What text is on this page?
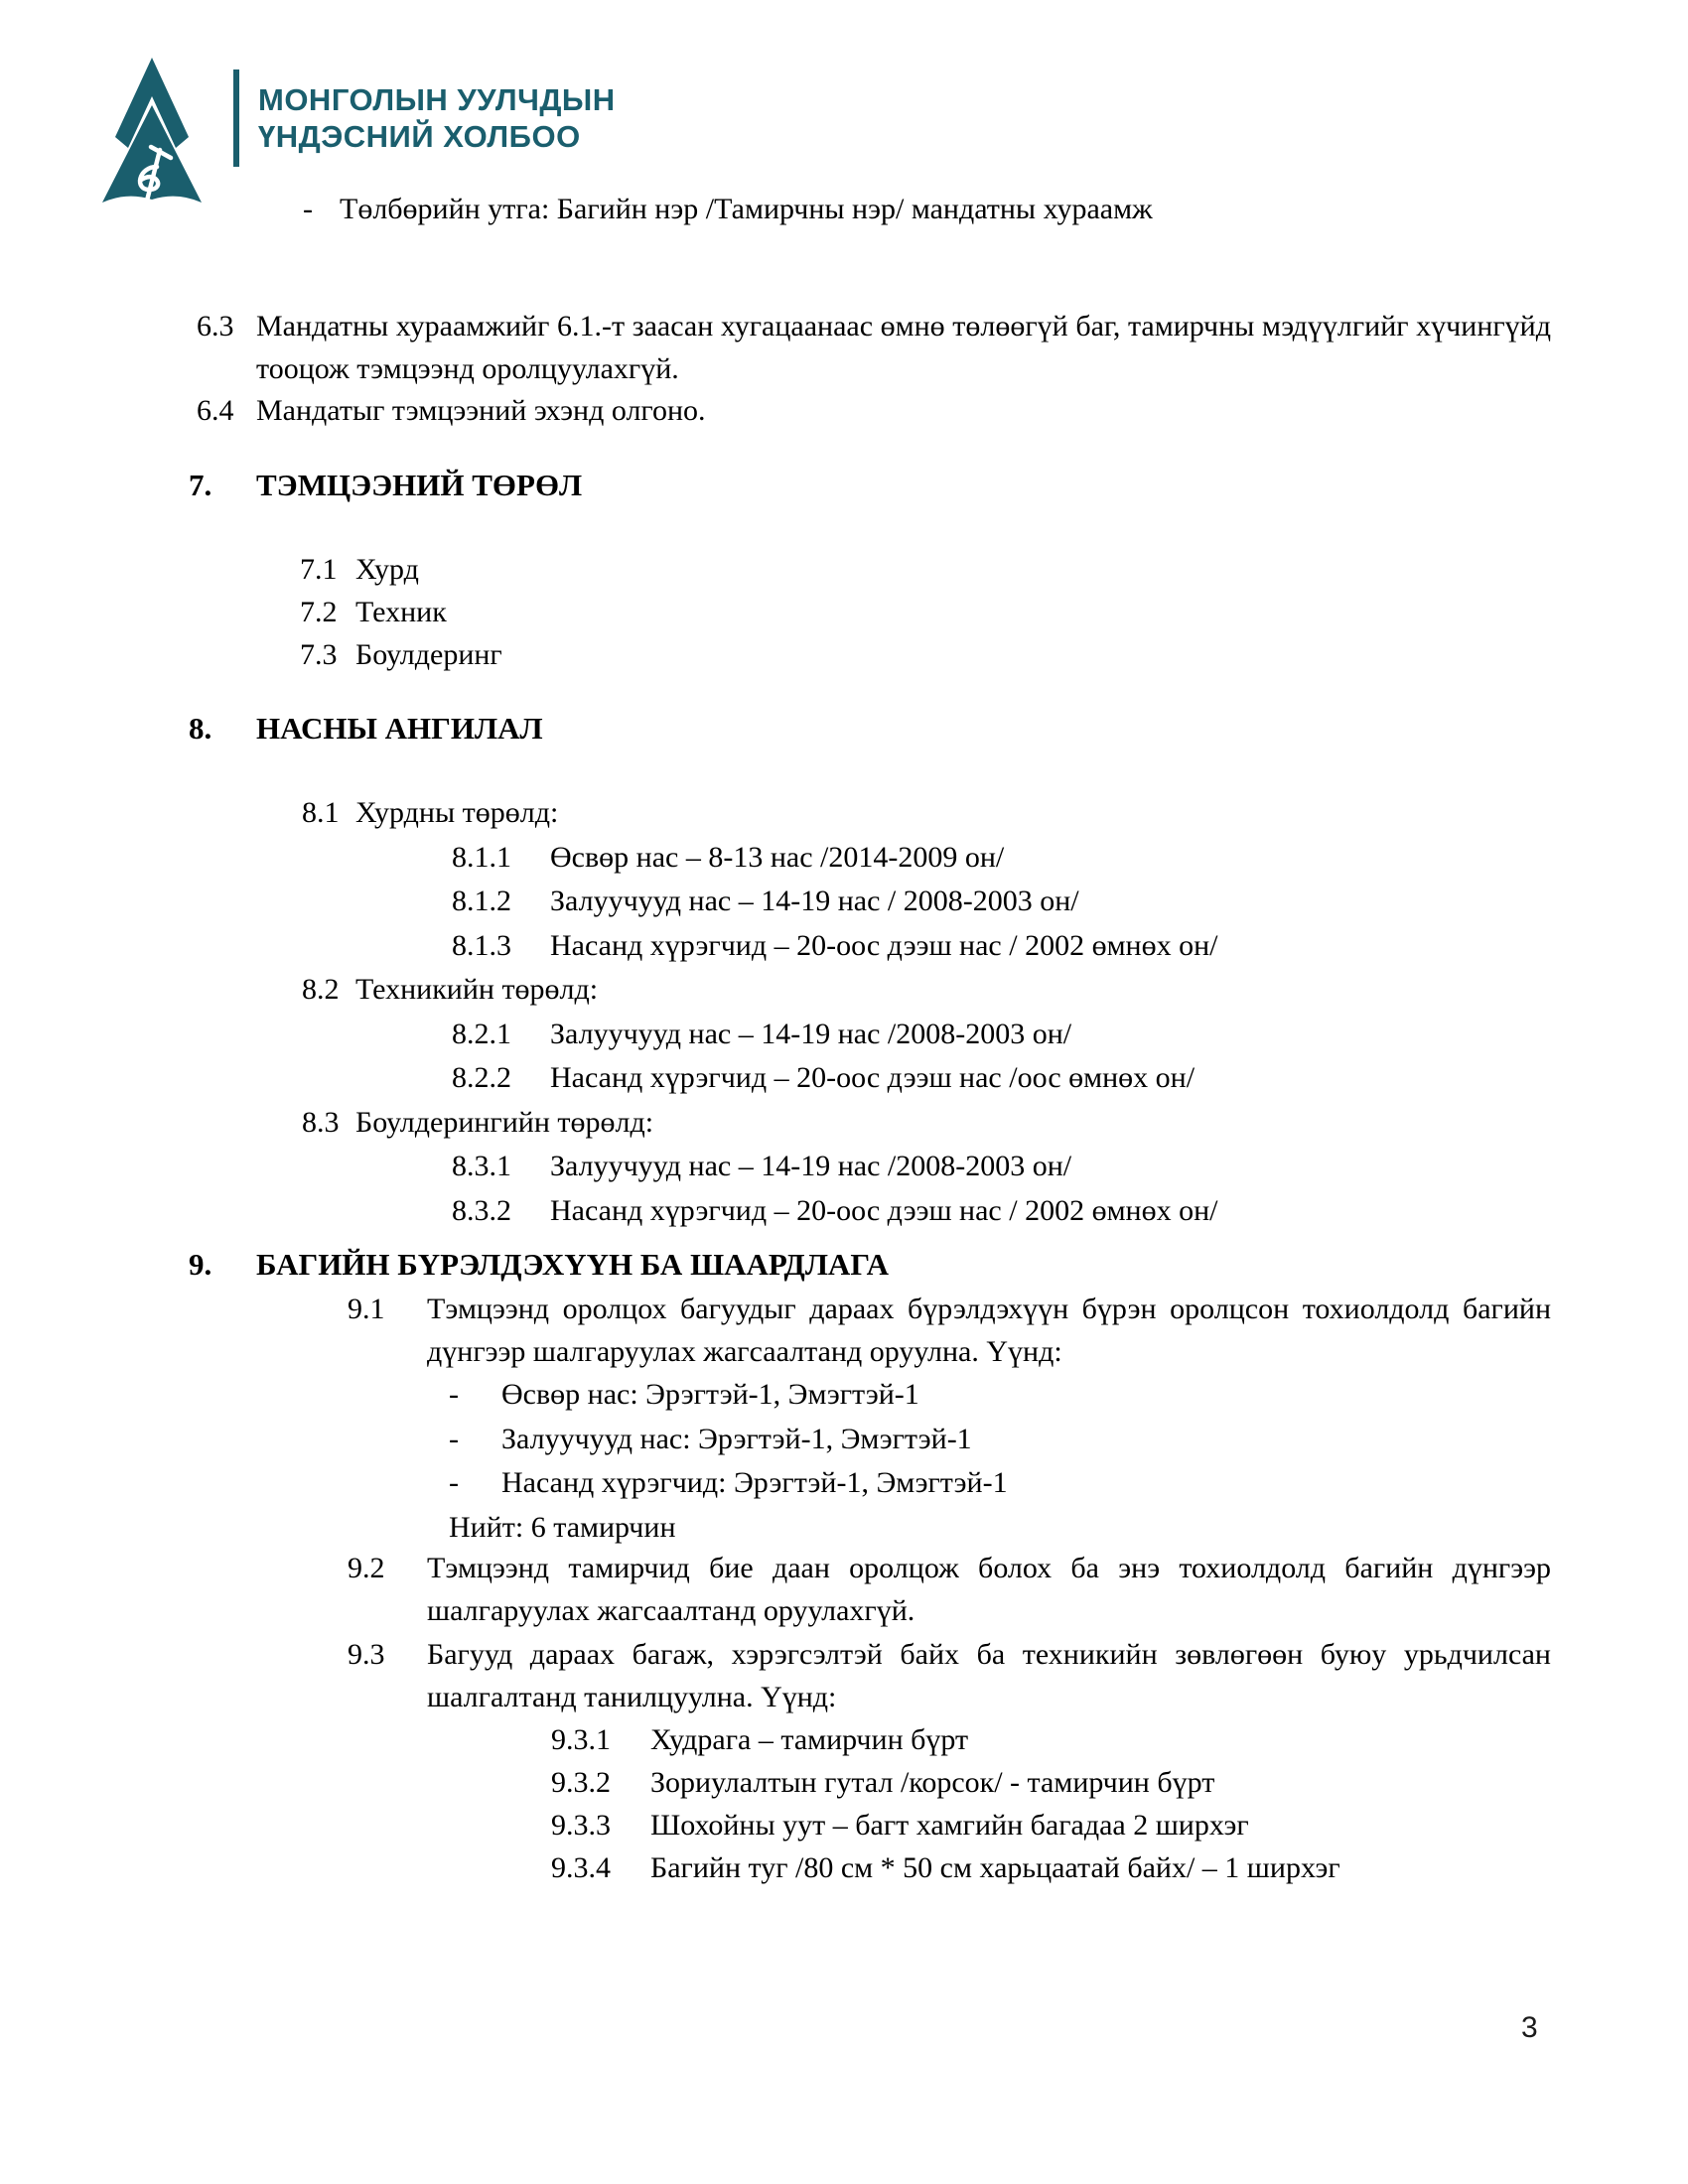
МОНГОЛЫН УУЛЧДЫН
ҮНДЭСНИЙ ХОЛБОО
- Төлбөрийн утга: Багийн нэр /Тамирчны нэр/ мандатны хураамж
6.3 Мандатны хураамжийг 6.1.-т заасан хугацаанаас өмнө төлөөгүй баг, тамирчны мэдүүлгийг хүчингүйд тооцож тэмцээнд оролцуулахгүй.
6.4 Мандатыг тэмцээний эхэнд олгоно.
7. ТЭМЦЭЭНИЙ ТӨРӨЛ
7.1 Хурд
7.2 Техник
7.3 Боулдеринг
8. НАСНЫ АНГИЛАЛ
8.1 Хурдны төрөлд:
8.1.1 Өсвөр нас – 8-13 нас /2014-2009 он/
8.1.2 Залуучууд нас – 14-19 нас / 2008-2003 он/
8.1.3 Насанд хүрэгчид – 20-оос дээш нас / 2002 өмнөх он/
8.2 Техникийн төрөлд:
8.2.1 Залуучууд нас – 14-19 нас /2008-2003 он/
8.2.2 Насанд хүрэгчид – 20-оос дээш нас /оос өмнөх он/
8.3 Боулдерингийн төрөлд:
8.3.1 Залуучууд нас – 14-19 нас /2008-2003 он/
8.3.2 Насанд хүрэгчид – 20-оос дээш нас / 2002 өмнөх он/
9. БАГИЙН БҮРЭЛДЭХҮҮН БА ШААРДЛАГА
9.1 Тэмцээнд оролцох багуудыг дараах бүрэлдэхүүн бүрэн оролцсон тохиолдолд багийн дүнгээр шалгаруулах жагсаалтанд оруулна. Үүнд:
- Өсвөр нас: Эрэгтэй-1, Эмэгтэй-1
- Залуучууд нас: Эрэгтэй-1, Эмэгтэй-1
- Насанд хүрэгчид: Эрэгтэй-1, Эмэгтэй-1
Нийт: 6 тамирчин
9.2 Тэмцээнд тамирчид бие даан оролцож болох ба энэ тохиолдолд багийн дүнгээр шалгаруулах жагсаалтанд оруулахгүй.
9.3 Багууд дараах багаж, хэрэгсэлтэй байх ба техникийн зөвлөгөөн буюу урьдчилсан шалгалтанд танилцуулна. Үүнд:
9.3.1 Худрага – тамирчин бүрт
9.3.2 Зориулалтын гутал /корсок/ - тамирчин бүрт
9.3.3 Шохойны уут – багт хамгийн багадаа 2 ширхэг
9.3.4 Багийн туг /80 см * 50 см харьцаатай байх/ – 1 ширхэг
3
